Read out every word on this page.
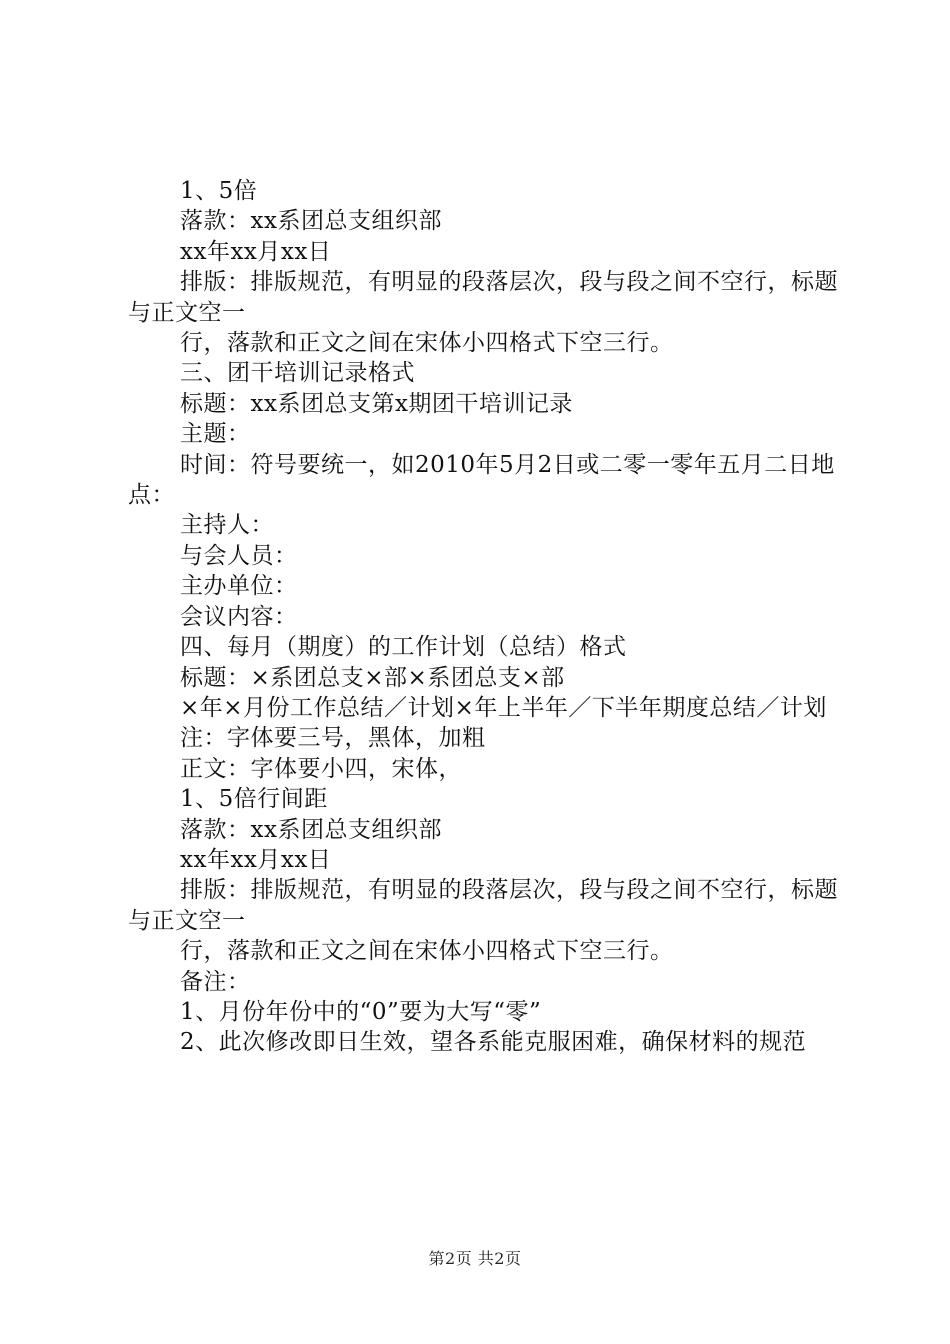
1、5倍

落款：xx系团总支组织部

xx年xx月xx日

排版：排版规范，有明显的段落层次，段与段之间不空行，标题与正文空一

行，落款和正文之间在宋体小四格式下空三行。

三、团干培训记录格式

标题：xx系团总支第x期团干培训记录

主题：

时间：符号要统一，如2010年5月2日或二零一零年五月二日地点：

主持人：

与会人员：

主办单位：

会议内容：

四、每月（期度）的工作计划（总结）格式

标题：×系团总支×部×系团总支×部

×年×月份工作总结／计划×年上半年／下半年期度总结／计划

注：字体要三号，黑体，加粗

正文：字体要小四，宋体，

1、5倍行间距

落款：xx系团总支组织部

xx年xx月xx日

排版：排版规范，有明显的段落层次，段与段之间不空行，标题与正文空一

行，落款和正文之间在宋体小四格式下空三行。

备注：

1、月份年份中的“0”要为大写“零”

2、此次修改即日生效，望各系能克服困难，确保材料的规范

第2页 共2页
